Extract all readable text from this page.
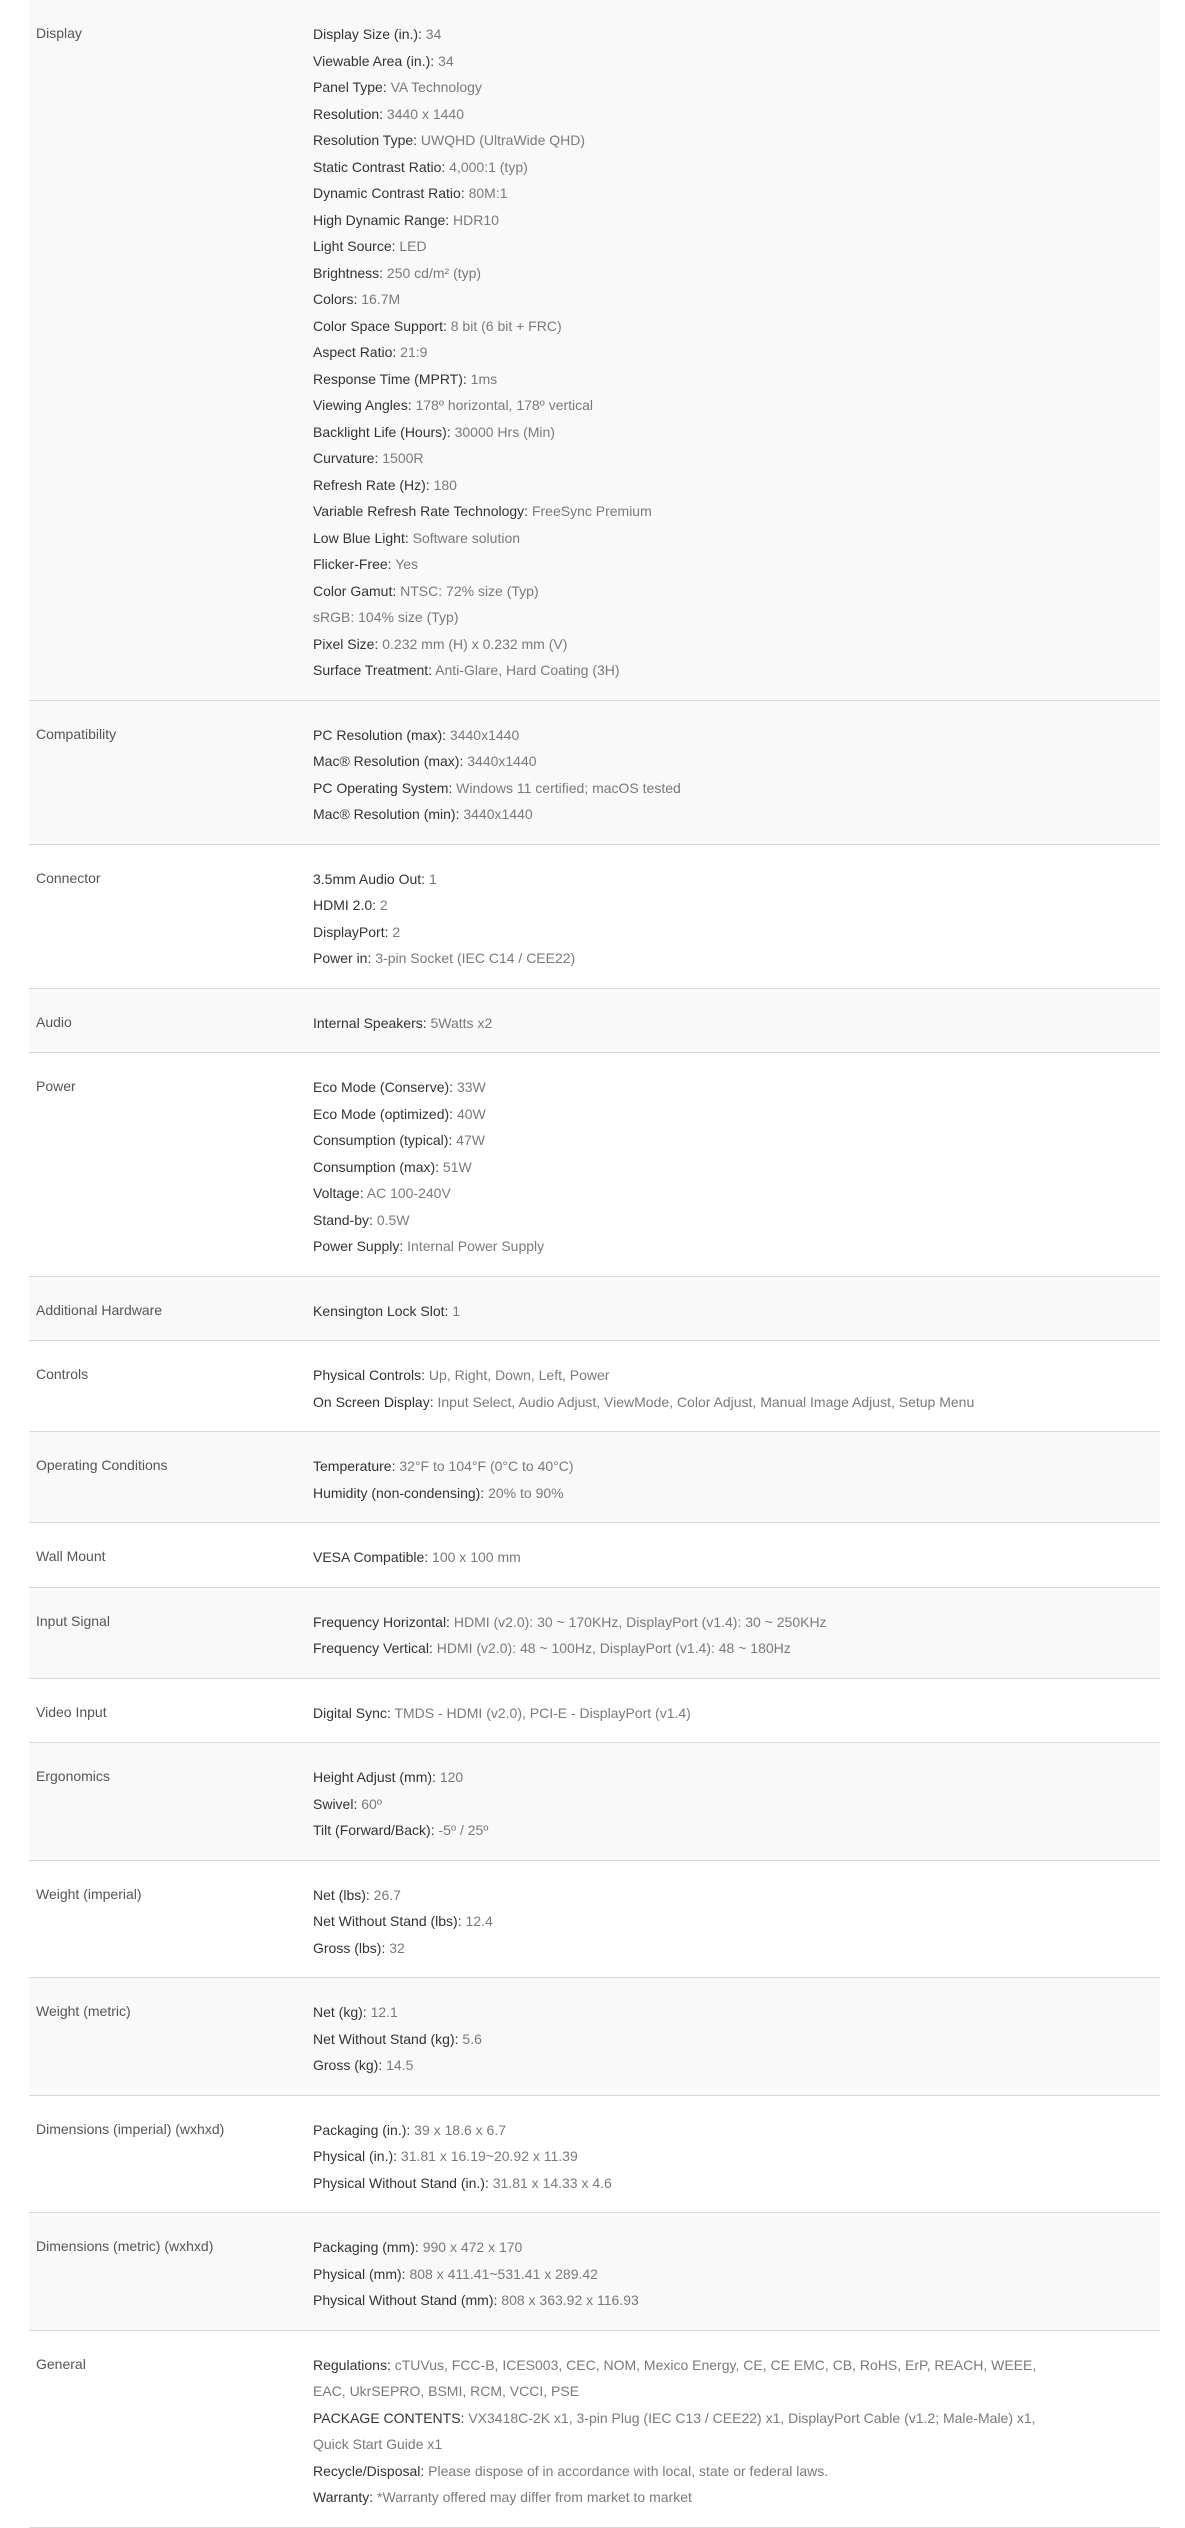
Display	Display Size (in.): 34
Viewable Area (in.): 34
Panel Type: VA Technology
Resolution: 3440 x 1440
Resolution Type: UWQHD (UltraWide QHD)
Static Contrast Ratio: 4,000:1 (typ)
Dynamic Contrast Ratio: 80M:1
High Dynamic Range: HDR10
Light Source: LED
Brightness: 250 cd/m² (typ)
Colors: 16.7M
Color Space Support: 8 bit (6 bit + FRC)
Aspect Ratio: 21:9
Response Time (MPRT): 1ms
Viewing Angles: 178º horizontal, 178º vertical
Backlight Life (Hours): 30000 Hrs (Min)
Curvature: 1500R
Refresh Rate (Hz): 180
Variable Refresh Rate Technology: FreeSync Premium
Low Blue Light: Software solution
Flicker-Free: Yes
Color Gamut: NTSC: 72% size (Typ)
sRGB: 104% size (Typ)
Pixel Size: 0.232 mm (H) x 0.232 mm (V)
Surface Treatment: Anti-Glare, Hard Coating (3H)
Compatibility	PC Resolution (max): 3440x1440
Mac® Resolution (max): 3440x1440
PC Operating System: Windows 11 certified; macOS tested
Mac® Resolution (min): 3440x1440
Connector	3.5mm Audio Out: 1
HDMI 2.0: 2
DisplayPort: 2
Power in: 3-pin Socket (IEC C14 / CEE22)
Audio	Internal Speakers: 5Watts x2
Power	Eco Mode (Conserve): 33W
Eco Mode (optimized): 40W
Consumption (typical): 47W
Consumption (max): 51W
Voltage: AC 100-240V
Stand-by: 0.5W
Power Supply: Internal Power Supply
Additional Hardware	Kensington Lock Slot: 1
Controls	Physical Controls: Up, Right, Down, Left, Power
On Screen Display: Input Select, Audio Adjust, ViewMode, Color Adjust, Manual Image Adjust, Setup Menu
Operating Conditions	Temperature: 32°F to 104°F (0°C to 40°C)
Humidity (non-condensing): 20% to 90%
Wall Mount	VESA Compatible: 100 x 100 mm
Input Signal	Frequency Horizontal: HDMI (v2.0): 30 ~ 170KHz, DisplayPort (v1.4): 30 ~ 250KHz
Frequency Vertical: HDMI (v2.0): 48 ~ 100Hz, DisplayPort (v1.4): 48 ~ 180Hz
Video Input	Digital Sync: TMDS - HDMI (v2.0), PCI-E - DisplayPort (v1.4)
Ergonomics	Height Adjust (mm): 120
Swivel: 60º
Tilt (Forward/Back): -5º / 25º
Weight (imperial)	Net (lbs): 26.7
Net Without Stand (lbs): 12.4
Gross (lbs): 32
Weight (metric)	Net (kg): 12.1
Net Without Stand (kg): 5.6
Gross (kg): 14.5
Dimensions (imperial) (wxhxd)	Packaging (in.): 39 x 18.6 x 6.7
Physical (in.): 31.81 x 16.19~20.92 x 11.39
Physical Without Stand (in.): 31.81 x 14.33 x 4.6
Dimensions (metric) (wxhxd)	Packaging (mm): 990 x 472 x 170
Physical (mm): 808 x 411.41~531.41 x 289.42
Physical Without Stand (mm): 808 x 363.92 x 116.93
General	Regulations: cTUVus, FCC-B, ICES003, CEC, NOM, Mexico Energy, CE, CE EMC, CB, RoHS, ErP, REACH, WEEE, EAC, UkrSEPRO, BSMI, RCM, VCCI, PSE
PACKAGE CONTENTS: VX3418C-2K x1, 3-pin Plug (IEC C13 / CEE22) x1, DisplayPort Cable (v1.2; Male-Male) x1, Quick Start Guide x1
Recycle/Disposal: Please dispose of in accordance with local, state or federal laws.
Warranty: *Warranty offered may differ from market to market
